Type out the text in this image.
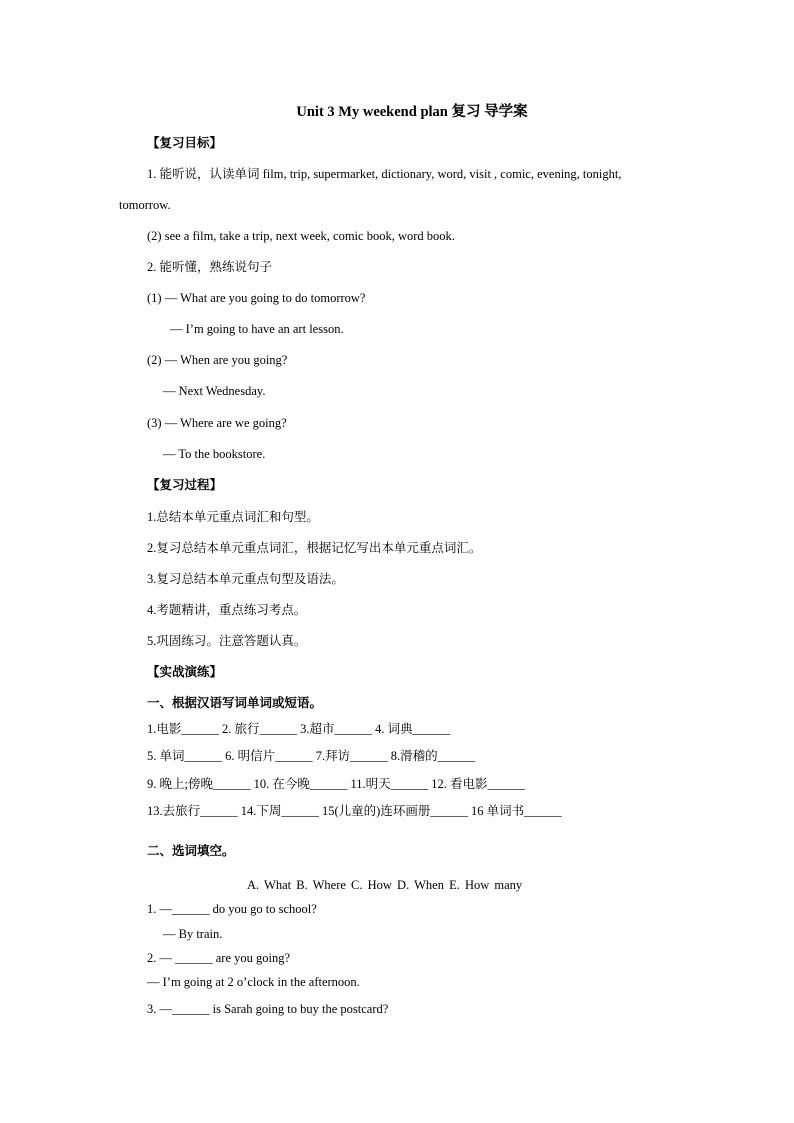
Unit 3 My weekend plan 复习 导学案
【复习目标】
1. 能听说，认读单词 film, trip, supermarket, dictionary, word, visit , comic, evening, tonight,
tomorrow.
(2) see a film, take a trip, next week, comic book, word book.
2. 能听懂，熟练说句子
(1) — What are you going to do tomorrow?
— I’m going to have an art lesson.
(2) — When are you going?
— Next Wednesday.
(3) — Where are we going?
— To the bookstore.
【复习过程】
1.总结本单元重点词汇和句型。
2.复习总结本单元重点词汇，根据记忆写出本单元重点词汇。
3.复习总结本单元重点句型及语法。
4.考题精讲，重点练习考点。
5.巩固练习。注意答题认真。
【实战演练】
一、根据汉语写词单词或短语。
1.电影______ 2. 旅行______ 3.超市______ 4. 词典______
5. 单词______ 6. 明信片______ 7.拜访______ 8.滑稽的______
9. 晚上;傍晚______ 10. 在今晚______ 11.明天______ 12. 看电影______
13.去旅行______ 14.下周______ 15(儿童的)连环画册______ 16 单词书______
二、选词填空。
A. What B. Where C. How D. When E. How many
1. —______ do you go to school?
— By train.
2. — ______ are you going?
— I’m going at 2 o’clock in the afternoon.
3. —______ is Sarah going to buy the postcard?
